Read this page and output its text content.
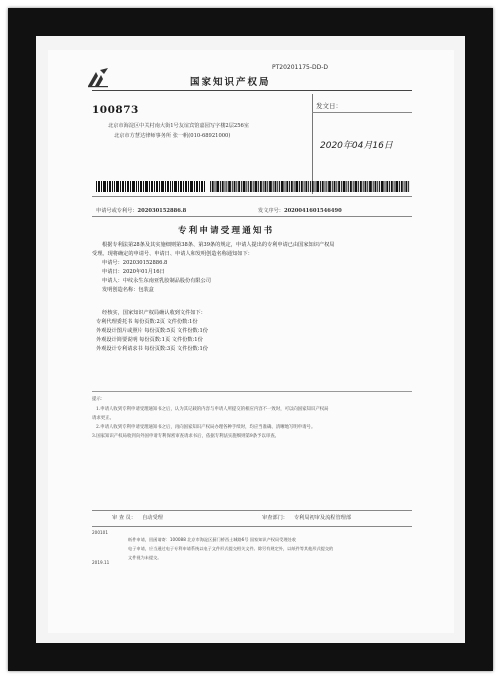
PT20201175-DD-D
国家知识产权局
100873
北京市海淀区中关村南大街1号友谊宾馆嘉园写字楼2层256室
北京市方慧达律师事务所 张一帆(010-68921000)
发文日：
2020年04月16日
申请号或专利号：202030152886.8	发文序号：2020041601546490
专利申请受理通知书
根据专利法第28条及其实施细则第38条、第39条的规定，申请人提出的专利申请已由国家知识产权局
受理。现将确定的申请号、申请日、申请人和发明创造名称通知如下：
申请号：202030152886.8
申请日：2020年01月16日
申请人：中纹永生东南亚乳胶制品股份有限公司
发明创造名称：包装盒
经核实，国家知识产权局确认收到文件如下：
专利代理委托书 每份页数:2页 文件份数:1份
外观设计图片或照片 每份页数:5页 文件份数:1份
外观设计简要说明 每份页数:1页 文件份数:1份
外观设计专利请求书 每份页数:3页 文件份数:1份
提示：
1.申请人收到专利申请受理通知书之后，认为其记载的内容与申请人所提交的相应内容不一致时，可以向国家知识产权局
请求更正。
2.申请人收到专利申请受理通知书之后，再向国家知识产权局办理各种手续时，均应当准确、清晰地写明申请号。
3.国家知识产权局收到向外国申请专利保密审查请求书后，依据专利法实施细则第9条予以审查。
审 查 员： 自动受理	审查部门： 专利局初审及流程管理部
200101
2019.11
纸件申请，回函请寄：100088 北京市海淀区蓟门桥西土城路6号 国家知识产权局受理处收
电子申请，应当通过电子专利申请系统以电子文件形式提交相关文件。除另有规定外，以纸件等其他形式提交的
文件视为未提交。
